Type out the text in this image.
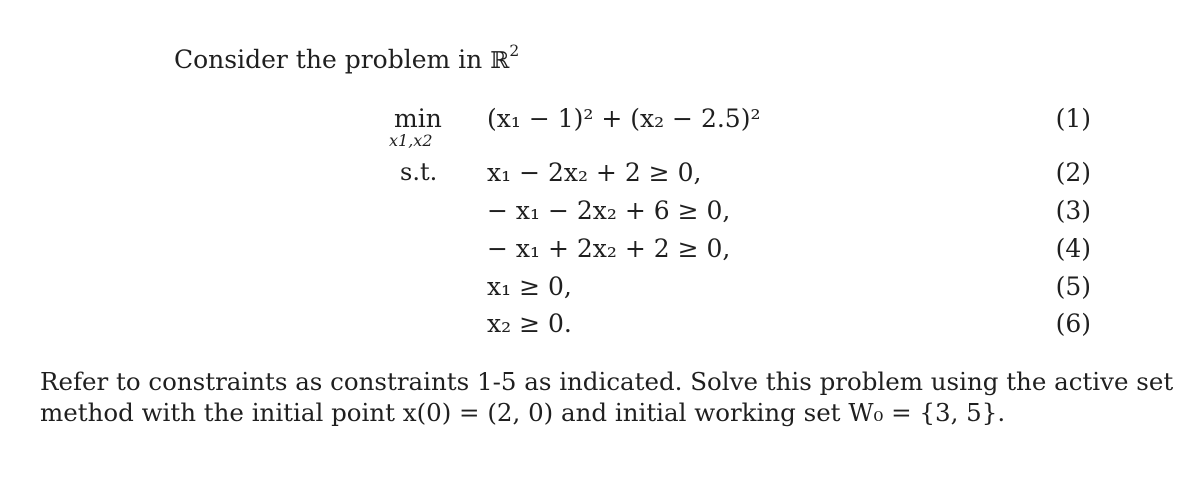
Consider the problem in ℝ$^2$
min
x1,x2
s.t.
(x₁ − 1)² + (x₂ − 2.5)²	(1)
x₁ − 2x₂ + 2 ≥ 0,	(2)
− x₁ − 2x₂ + 6 ≥ 0,	(3)
− x₁ + 2x₂ + 2 ≥ 0,	(4)
x₁ ≥ 0,	(5)
x₂ ≥ 0.	(6)
Refer to constraints as constraints 1-5 as indicated. Solve this problem using the active set
method with the initial point x(0) = (2, 0) and initial working set W₀ = {3, 5}.
